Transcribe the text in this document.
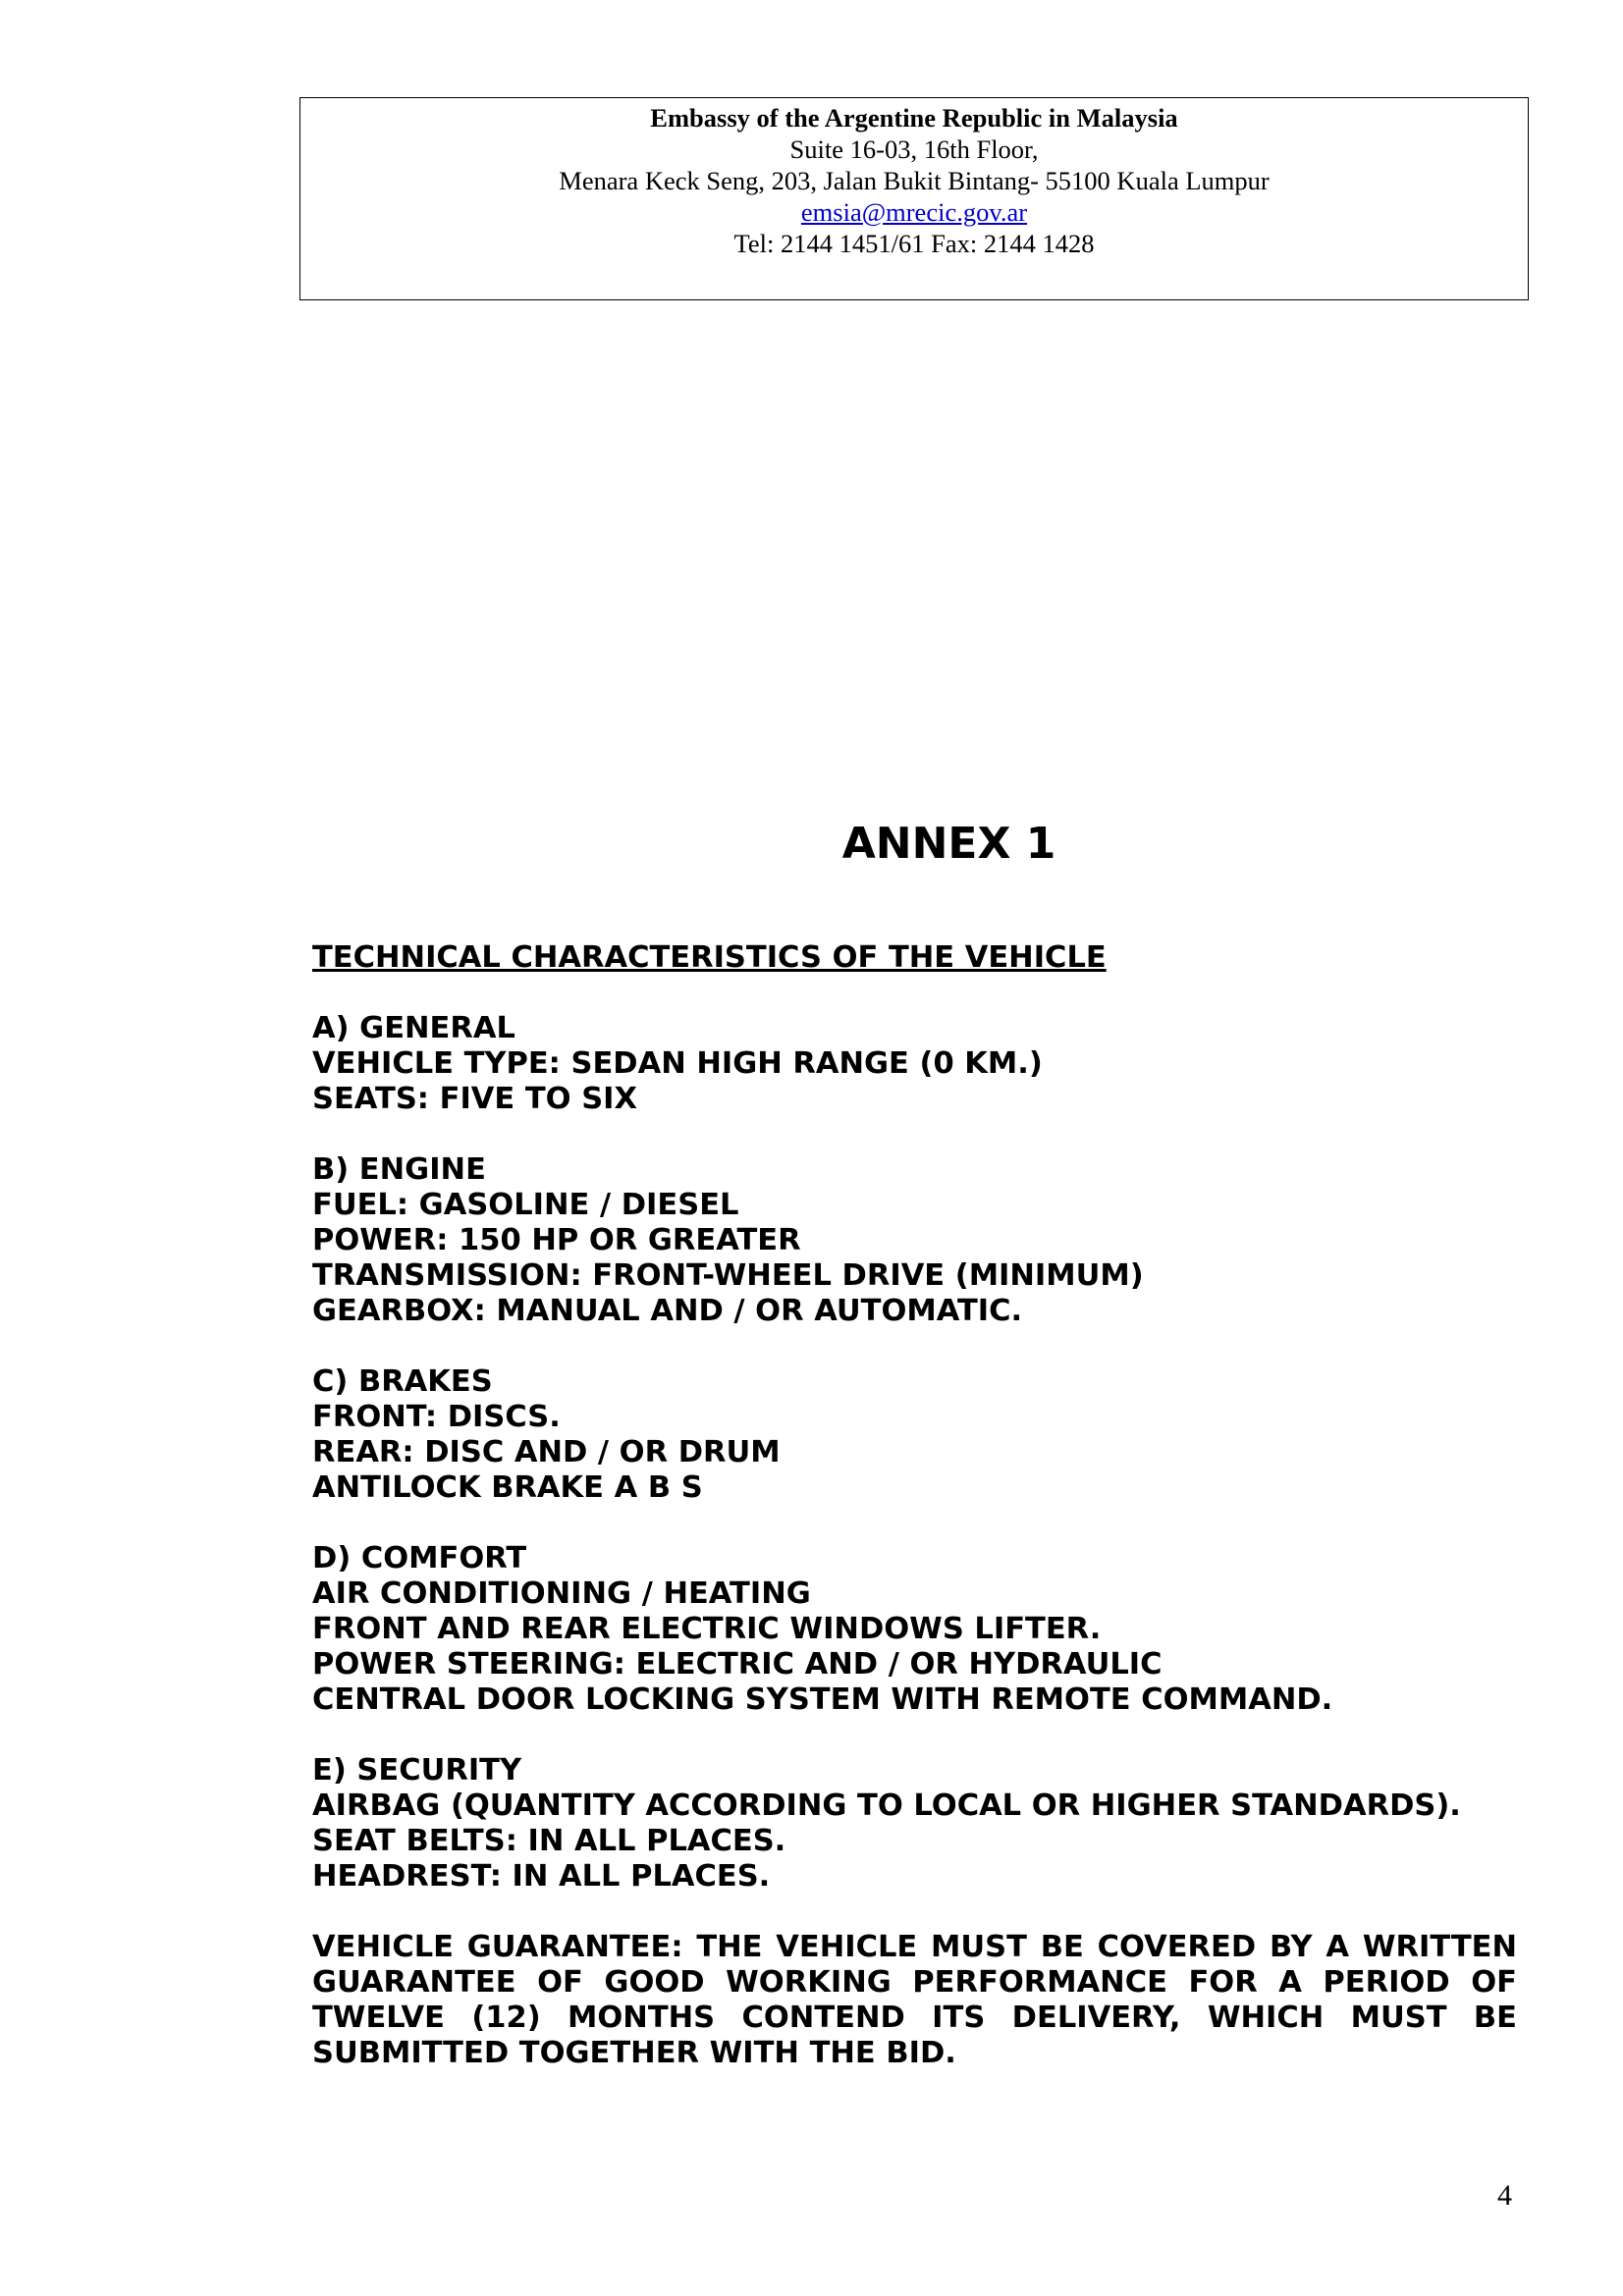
Embassy of the Argentine Republic in Malaysia
Suite 16-03, 16th Floor,
Menara Keck Seng, 203, Jalan Bukit Bintang- 55100 Kuala Lumpur
emsia@mrecic.gov.ar
Tel: 2144 1451/61 Fax: 2144 1428
ANNEX 1
TECHNICAL CHARACTERISTICS OF THE VEHICLE
A) GENERAL
VEHICLE TYPE: SEDAN HIGH RANGE (0 KM.)
SEATS: FIVE TO SIX
B) ENGINE
FUEL: GASOLINE / DIESEL
POWER: 150 HP OR GREATER
TRANSMISSION: FRONT-WHEEL DRIVE (MINIMUM)
GEARBOX: MANUAL AND / OR AUTOMATIC.
C) BRAKES
FRONT: DISCS.
REAR: DISC AND / OR DRUM
ANTILOCK BRAKE A B S
D) COMFORT
AIR CONDITIONING / HEATING
FRONT AND REAR ELECTRIC WINDOWS LIFTER.
POWER STEERING: ELECTRIC AND / OR HYDRAULIC
CENTRAL DOOR LOCKING SYSTEM WITH REMOTE COMMAND.
E) SECURITY
AIRBAG (QUANTITY ACCORDING TO LOCAL OR HIGHER STANDARDS).
SEAT BELTS: IN ALL PLACES.
HEADREST: IN ALL PLACES.
VEHICLE GUARANTEE: THE VEHICLE MUST BE COVERED BY A WRITTEN GUARANTEE OF GOOD WORKING PERFORMANCE FOR A PERIOD OF TWELVE (12) MONTHS CONTEND ITS DELIVERY, WHICH MUST BE SUBMITTED TOGETHER WITH THE BID.
4
